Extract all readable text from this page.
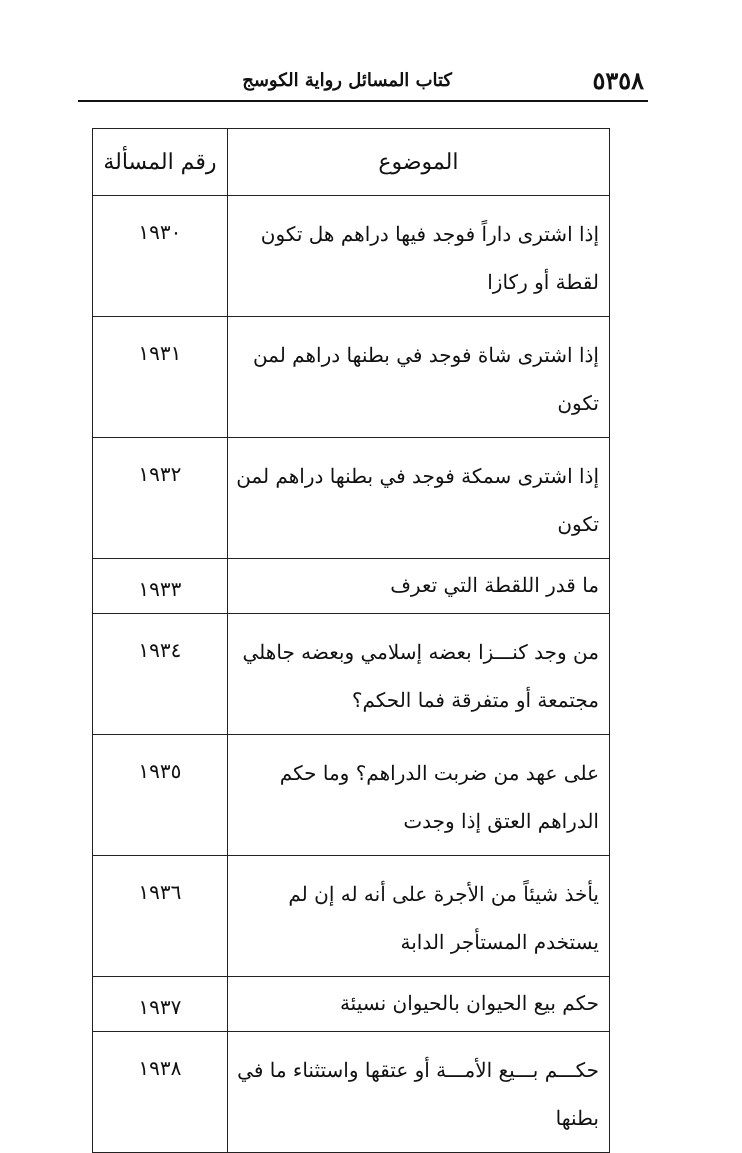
٥٣٥٨
كتاب المسائل رواية الكوسج
الموضوع	رقم المسألة
إذا اشترى داراً فوجد فيها دراهم هل تكون لقطة أو ركازا	١٩٣٠
إذا اشترى شاة فوجد في بطنها دراهم لمن تكون	١٩٣١
إذا اشترى سمكة فوجد في بطنها دراهم لمن تكون	١٩٣٢
ما قدر اللقطة التي تعرف	١٩٣٣
من وجد كنـــزا بعضه إسلامي وبعضه جاهلي مجتمعة أو متفرقة فما الحكم؟	١٩٣٤
على عهد من ضربت الدراهم؟ وما حكم الدراهم العتق إذا وجدت	١٩٣٥
يأخذ شيئاً من الأجرة على أنه له إن لم يستخدم المستأجر الدابة	١٩٣٦
حكم بيع الحيوان بالحيوان نسيئة	١٩٣٧
حكـــم بـــيع الأمـــة أو عتقها واستثناء ما في بطنها	١٩٣٨
